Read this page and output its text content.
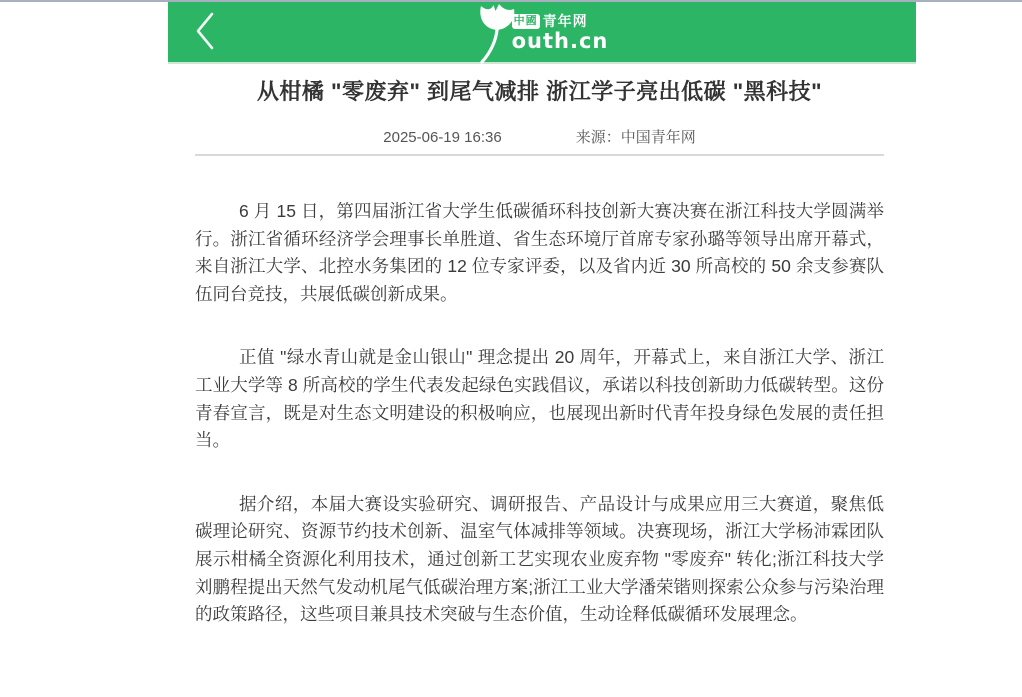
中國 青年网
outh.cn
从柑橘 "零废弃" 到尾气减排 浙江学子亮出低碳 "黑科技"
2025-06-19 16:36	来源：中国青年网

6 月 15 日，第四届浙江省大学生低碳循环科技创新大赛决赛在浙江科技大学圆满举行。浙江省循环经济学会理事长单胜道、省生态环境厅首席专家孙璐等领导出席开幕式，来自浙江大学、北控水务集团的 12 位专家评委，以及省内近 30 所高校的 50 余支参赛队伍同台竞技，共展低碳创新成果。

正值 "绿水青山就是金山银山" 理念提出 20 周年，开幕式上，来自浙江大学、浙江工业大学等 8 所高校的学生代表发起绿色实践倡议，承诺以科技创新助力低碳转型。这份青春宣言，既是对生态文明建设的积极响应，也展现出新时代青年投身绿色发展的责任担当。

据介绍，本届大赛设实验研究、调研报告、产品设计与成果应用三大赛道，聚焦低碳理论研究、资源节约技术创新、温室气体减排等领域。决赛现场，浙江大学杨沛霖团队展示柑橘全资源化利用技术，通过创新工艺实现农业废弃物 "零废弃" 转化;浙江科技大学刘鹏程提出天然气发动机尾气低碳治理方案;浙江工业大学潘荣锴则探索公众参与污染治理的政策路径，这些项目兼具技术突破与生态价值，生动诠释低碳循环发展理念。
